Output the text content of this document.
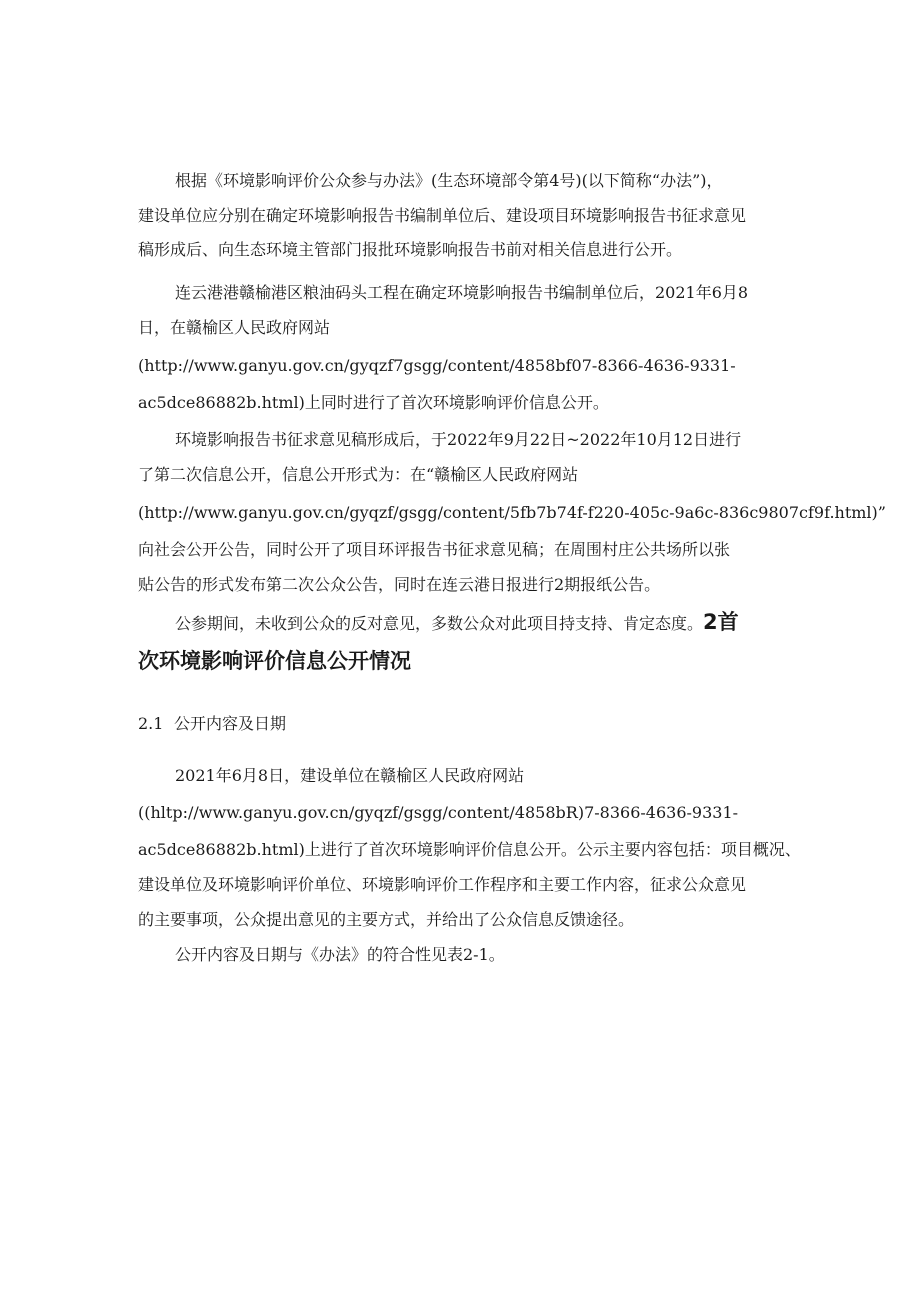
根据《环境影响评价公众参与办法》(生态环境部令第4号)(以下简称“办法”)，
建设单位应分别在确定环境影响报告书编制单位后、建设项目环境影响报告书征求意见
稿形成后、向生态环境主管部门报批环境影响报告书前对相关信息进行公开。
连云港港赣榆港区粮油码头工程在确定环境影响报告书编制单位后，2021年6月8
日，在赣榆区人民政府网站
(http://www.ganyu.gov.cn/gyqzf7gsgg/content/4858bf07-8366-4636-9331-
ac5dce86882b.html)上同时进行了首次环境影响评价信息公开。
环境影响报告书征求意见稿形成后，于2022年9月22日~2022年10月12日进行
了第二次信息公开，信息公开形式为：在“赣榆区人民政府网站
(http://www.ganyu.gov.cn/gyqzf/gsgg/content/5fb7b74f-f220-405c-9a6c-836c9807cf9f.html)”
向社会公开公告，同时公开了项目环评报告书征求意见稿；在周围村庄公共场所以张
贴公告的形式发布第二次公众公告，同时在连云港日报进行2期报纸公告。
公参期间，未收到公众的反对意见，多数公众对此项目持支持、肯定态度。2首
次环境影响评价信息公开情况
2.1 公开内容及日期
2021年6月8日，建设单位在赣榆区人民政府网站
((hltp://www.ganyu.gov.cn/gyqzf/gsgg/content/4858bR)7-8366-4636-9331-
ac5dce86882b.html)上进行了首次环境影响评价信息公开。公示主要内容包括：项目概况、
建设单位及环境影响评价单位、环境影响评价工作程序和主要工作内容，征求公众意见
的主要事项，公众提出意见的主要方式，并给出了公众信息反馈途径。
公开内容及日期与《办法》的符合性见表2-1。
